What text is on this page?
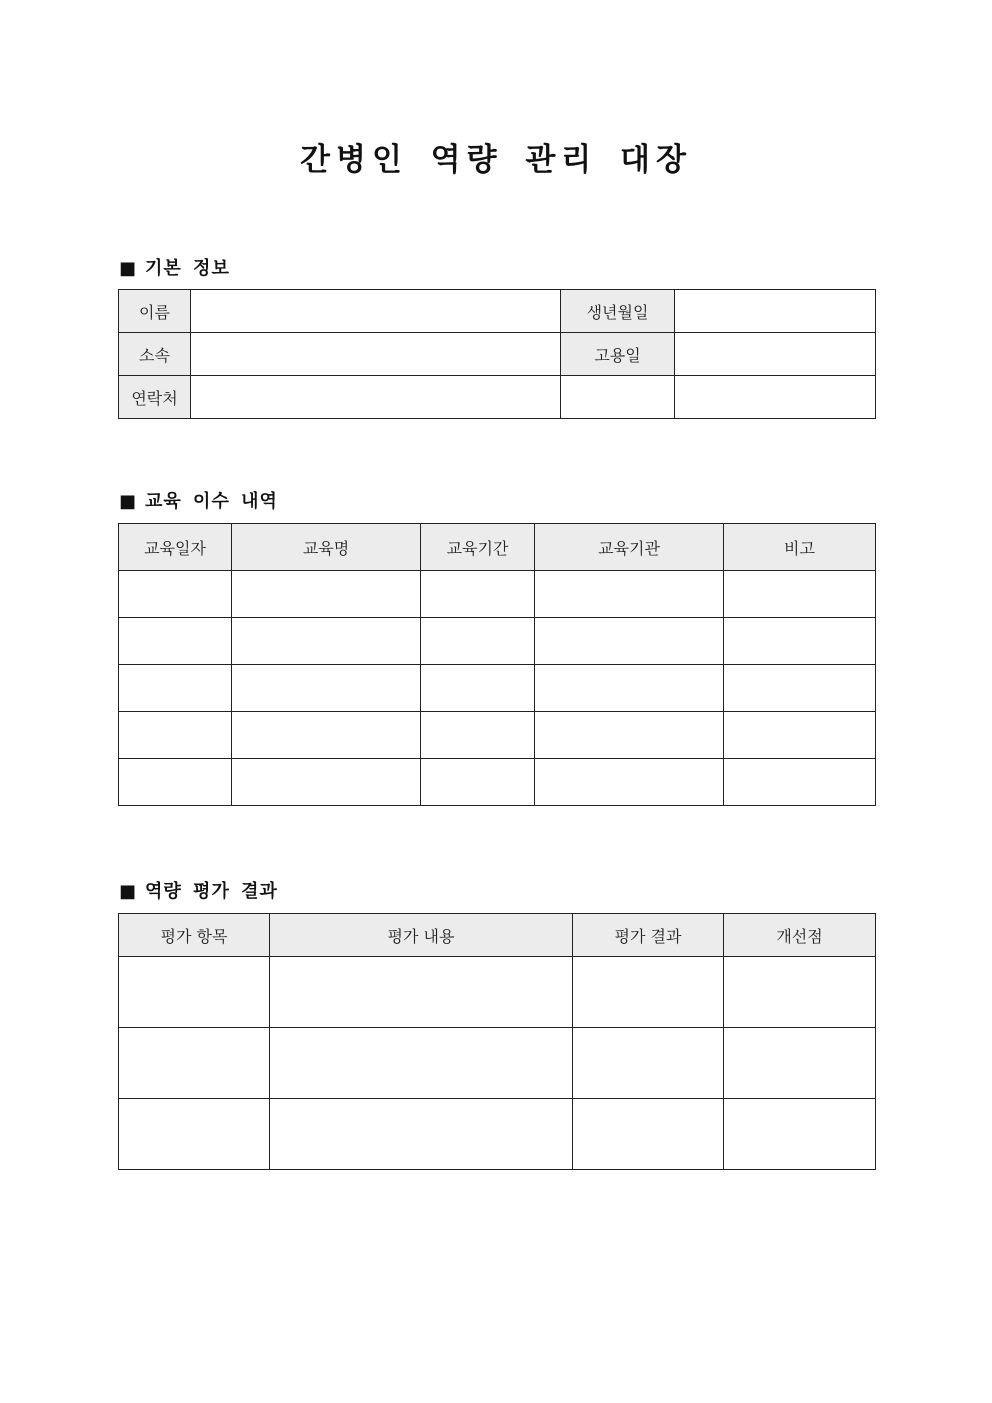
간병인 역량 관리 대장
■ 기본 정보
이름		생년월일	
소속		고용일	
연락처			
■ 교육 이수 내역
교육일자	교육명	교육기간	교육기관	비고

■ 역량 평가 결과
평가 항목	평가 내용	평가 결과	개선점
